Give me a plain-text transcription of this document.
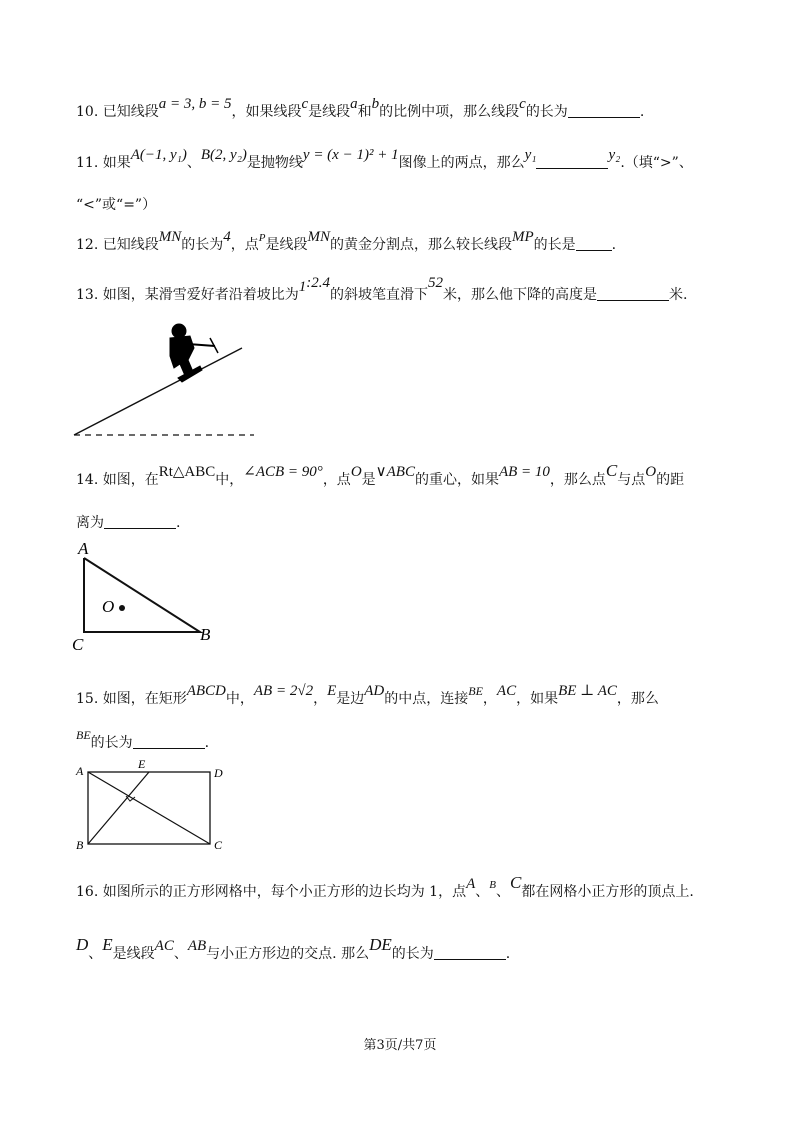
10. 已知线段a = 3, b = 5，如果线段c是线段a和b的比例中项，那么线段c的长为	.
11. 如果A(−1, y₁)、B(2, y₂)是抛物线y = (x − 1)² + 1图像上的两点，那么y₁	y₂.（填“>”、
“<”或“=”）
12. 已知线段MN的长为4，点$^P$是线段MN的黄金分割点，那么较长线段MP的长是	.
13. 如图，某滑雪爱好者沿着坡比为1:2.4的斜坡笔直滑下52米，那么他下降的高度是	米.
14. 如图，在Rt△ABC中，∠ACB = 90°，点O是∨ABC的重心，如果AB = 10，那么点C与点O的距
离为	.
A
C
B
O
15. 如图，在矩形ABCD中，AB = 2√2，E是边AD的中点，连接BE，AC，如果BE ⊥ AC，那么
BE的长为	.
A	E
D
B	C
16. 如图所示的正方形网格中，每个小正方形的边长均为 1，点A、$^B$、C都在网格小正方形的顶点上.
D、E是线段AC、AB与小正方形边的交点. 那么DE的长为	.
第3页/共7页
